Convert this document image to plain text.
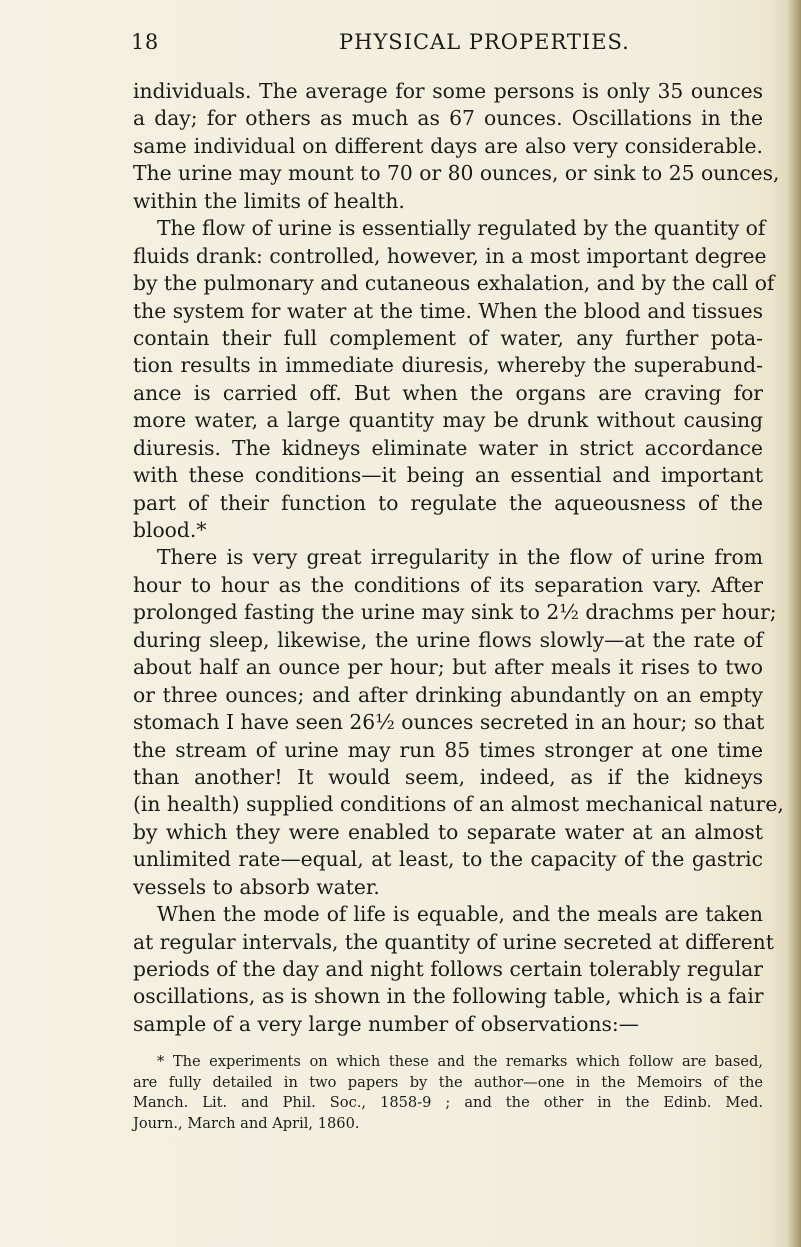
18	PHYSICAL PROPERTIES.
individuals. The average for some persons is only 35 ounces
a day; for others as much as 67 ounces. Oscillations in the
same individual on different days are also very considerable.
The urine may mount to 70 or 80 ounces, or sink to 25 ounces,
within the limits of health.
The flow of urine is essentially regulated by the quantity of
fluids drank: controlled, however, in a most important degree
by the pulmonary and cutaneous exhalation, and by the call of
the system for water at the time. When the blood and tissues
contain their full complement of water, any further pota-
tion results in immediate diuresis, whereby the superabund-
ance is carried off. But when the organs are craving for
more water, a large quantity may be drunk without causing
diuresis. The kidneys eliminate water in strict accordance
with these conditions—it being an essential and important
part of their function to regulate the aqueousness of the
blood.*
There is very great irregularity in the flow of urine from
hour to hour as the conditions of its separation vary. After
prolonged fasting the urine may sink to 2½ drachms per hour;
during sleep, likewise, the urine flows slowly—at the rate of
about half an ounce per hour; but after meals it rises to two
or three ounces; and after drinking abundantly on an empty
stomach I have seen 26½ ounces secreted in an hour; so that
the stream of urine may run 85 times stronger at one time
than another! It would seem, indeed, as if the kidneys
(in health) supplied conditions of an almost mechanical nature,
by which they were enabled to separate water at an almost
unlimited rate—equal, at least, to the capacity of the gastric
vessels to absorb water.
When the mode of life is equable, and the meals are taken
at regular intervals, the quantity of urine secreted at different
periods of the day and night follows certain tolerably regular
oscillations, as is shown in the following table, which is a fair
sample of a very large number of observations:—
* The experiments on which these and the remarks which follow are based,
are fully detailed in two papers by the author—one in the Memoirs of the
Manch. Lit. and Phil. Soc., 1858-9 ; and the other in the Edinb. Med.
Journ., March and April, 1860.
